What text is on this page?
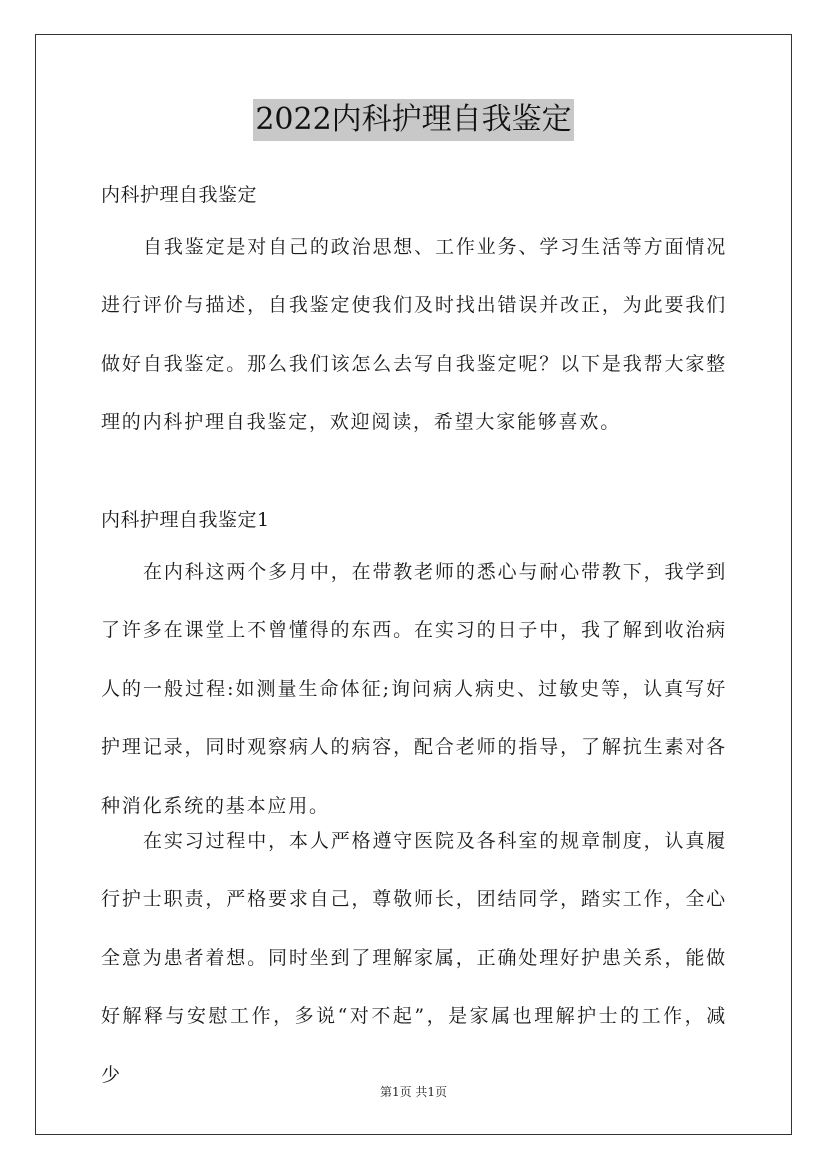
2022内科护理自我鉴定
内科护理自我鉴定

自我鉴定是对自己的政治思想、工作业务、学习生活等方面情况进行评价与描述，自我鉴定使我们及时找出错误并改正，为此要我们做好自我鉴定。那么我们该怎么去写自我鉴定呢？以下是我帮大家整理的内科护理自我鉴定，欢迎阅读，希望大家能够喜欢。

内科护理自我鉴定1

在内科这两个多月中，在带教老师的悉心与耐心带教下，我学到了许多在课堂上不曾懂得的东西。在实习的日子中，我了解到收治病人的一般过程:如测量生命体征;询问病人病史、过敏史等，认真写好护理记录，同时观察病人的病容，配合老师的指导，了解抗生素对各种消化系统的基本应用。

在实习过程中，本人严格遵守医院及各科室的规章制度，认真履行护士职责，严格要求自己，尊敬师长，团结同学，踏实工作，全心全意为患者着想。同时坐到了理解家属，正确处理好护患关系，能做好解释与安慰工作，多说“对不起”，是家属也理解护士的工作，减少

第1页 共1页
